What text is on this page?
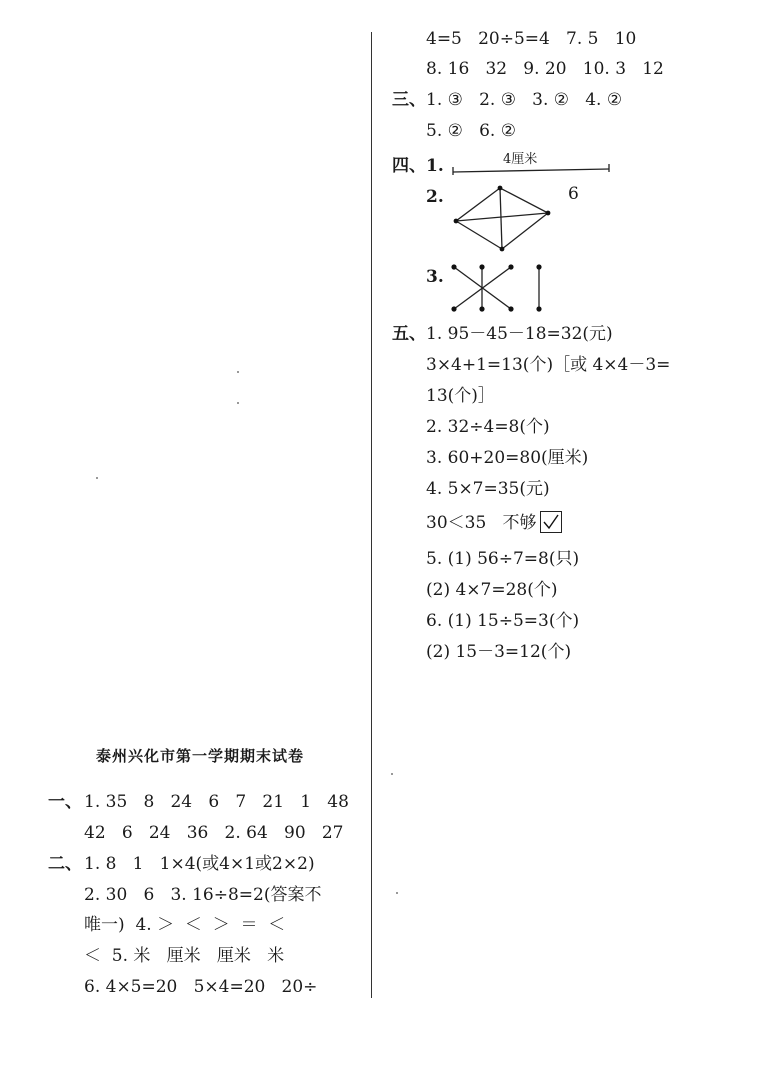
泰州兴化市第一学期期末试卷
一、 1. 35   8   24   6   7   21   1   48
42   6   24   36   2. 64   90   27
二、 1. 8   1   1×4(或4×1或2×2)
2. 30   6   3. 16÷8=2(答案不
唯一)  4. ＞  ＜  ＞  ＝  ＜
＜  5. 米   厘米   厘米   米
6. 4×5=20   5×4=20   20÷
4=5   20÷5=4   7. 5   10
8. 16   32   9. 20   10. 3   12
三、 1. ③   2. ③   3. ②   4. ②
5. ②   6. ②
四、 1.	4厘米
2.	6
3.
五、 1. 95－45－18=32(元)
3×4+1=13(个)［或 4×4－3=
13(个)］
2. 32÷4=8(个)
3. 60+20=80(厘米)
4. 5×7=35(元)
30＜35   不够
5. (1) 56÷7=8(只)
(2) 4×7=28(个)
6. (1) 15÷5=3(个)
(2) 15－3=12(个)
